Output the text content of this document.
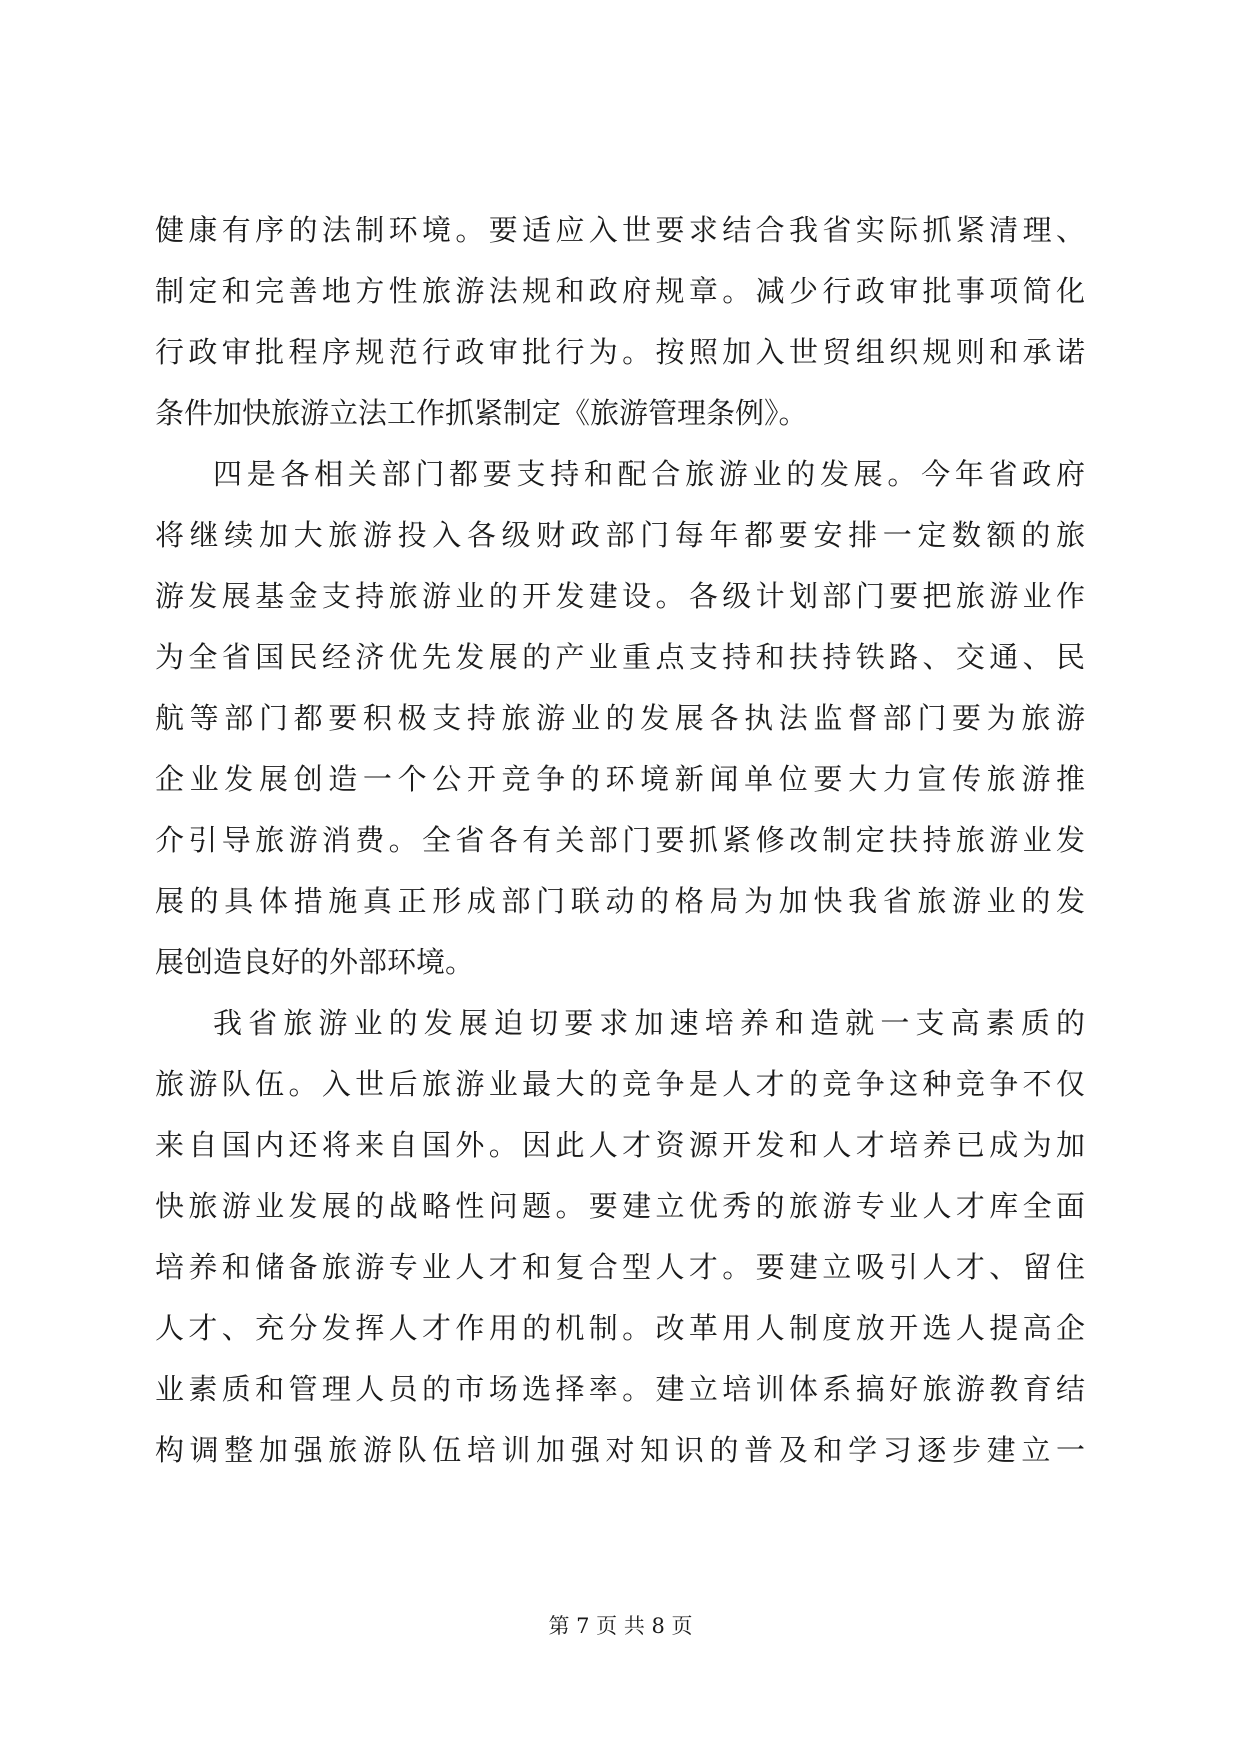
健康有序的法制环境。要适应入世要求结合我省实际抓紧清理、
制定和完善地方性旅游法规和政府规章。减少行政审批事项简化
行政审批程序规范行政审批行为。按照加入世贸组织规则和承诺
条件加快旅游立法工作抓紧制定《旅游管理条例》。
四是各相关部门都要支持和配合旅游业的发展。今年省政府
将继续加大旅游投入各级财政部门每年都要安排一定数额的旅
游发展基金支持旅游业的开发建设。各级计划部门要把旅游业作
为全省国民经济优先发展的产业重点支持和扶持铁路、交通、民
航等部门都要积极支持旅游业的发展各执法监督部门要为旅游
企业发展创造一个公开竞争的环境新闻单位要大力宣传旅游推
介引导旅游消费。全省各有关部门要抓紧修改制定扶持旅游业发
展的具体措施真正形成部门联动的格局为加快我省旅游业的发
展创造良好的外部环境。
我省旅游业的发展迫切要求加速培养和造就一支高素质的
旅游队伍。入世后旅游业最大的竞争是人才的竞争这种竞争不仅
来自国内还将来自国外。因此人才资源开发和人才培养已成为加
快旅游业发展的战略性问题。要建立优秀的旅游专业人才库全面
培养和储备旅游专业人才和复合型人才。要建立吸引人才、留住
人才、充分发挥人才作用的机制。改革用人制度放开选人提高企
业素质和管理人员的市场选择率。建立培训体系搞好旅游教育结
构调整加强旅游队伍培训加强对知识的普及和学习逐步建立一
第 7 页 共 8 页
